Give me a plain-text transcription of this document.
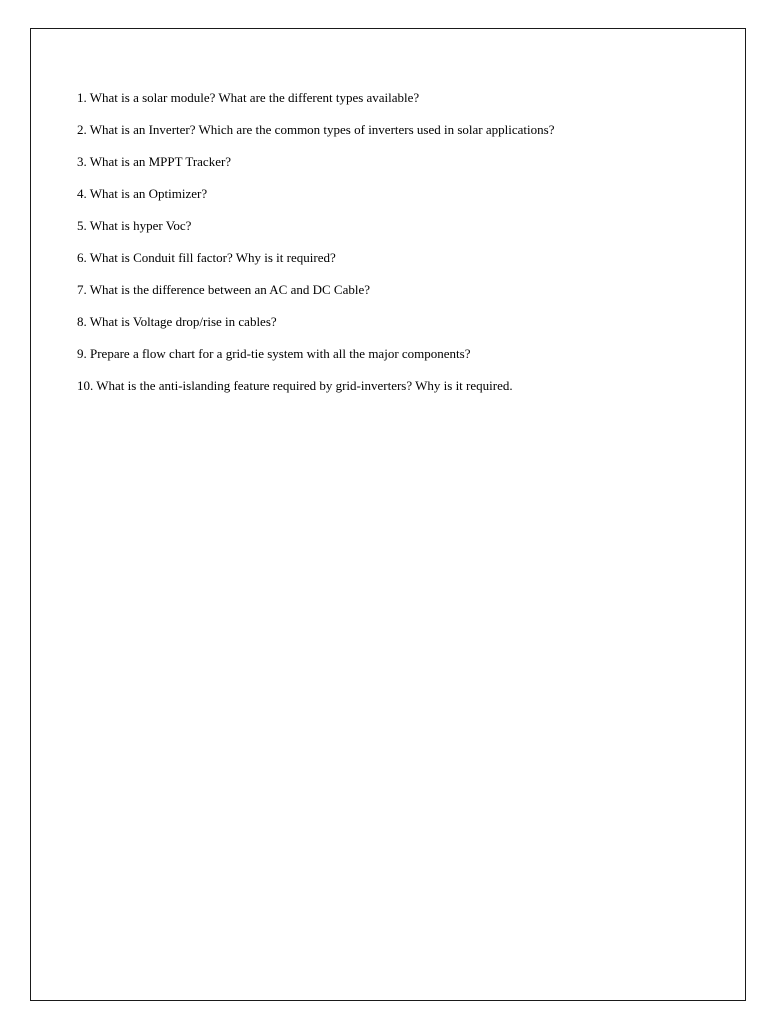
1. What is a solar module? What are the different types available?
2. What is an Inverter? Which are the common types of inverters used in solar applications?
3. What is an MPPT Tracker?
4. What is an Optimizer?
5. What is hyper Voc?
6. What is Conduit fill factor? Why is it required?
7. What is the difference between an AC and DC Cable?
8. What is Voltage drop/rise in cables?
9. Prepare a flow chart for a grid-tie system with all the major components?
10. What is the anti-islanding feature required by grid-inverters? Why is it required.
